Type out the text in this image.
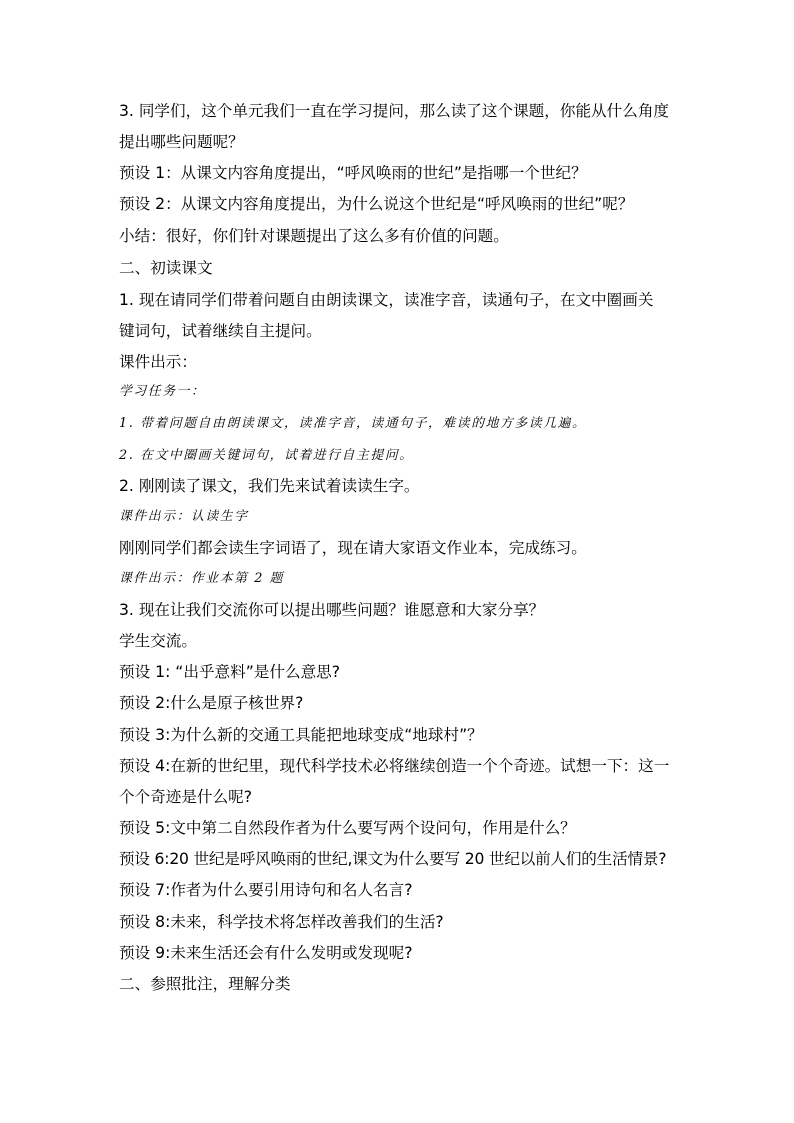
3. 同学们，这个单元我们一直在学习提问，那么读了这个课题，你能从什么角度
提出哪些问题呢？
预设 1：从课文内容角度提出，“呼风唤雨的世纪”是指哪一个世纪？
预设 2：从课文内容角度提出，为什么说这个世纪是“呼风唤雨的世纪”呢？
小结：很好，你们针对课题提出了这么多有价值的问题。
二、初读课文
1. 现在请同学们带着问题自由朗读课文，读准字音，读通句子，在文中圈画关
键词句，试着继续自主提问。
课件出示：
学习任务一：
1. 带着问题自由朗读课文，读准字音，读通句子，难读的地方多读几遍。
2. 在文中圈画关键词句，试着进行自主提问。
2. 刚刚读了课文，我们先来试着读读生字。
课件出示：认读生字
刚刚同学们都会读生字词语了，现在请大家语文作业本，完成练习。
课件出示：作业本第 2 题
3. 现在让我们交流你可以提出哪些问题？谁愿意和大家分享？
学生交流。
预设 1: “出乎意料”是什么意思?
预设 2:什么是原子核世界?
预设 3:为什么新的交通工具能把地球变成“地球村”？
预设 4:在新的世纪里，现代科学技术必将继续创造一个个奇迹。试想一下：这一
个个奇迹是什么呢?
预设 5:文中第二自然段作者为什么要写两个设问句，作用是什么？
预设 6:20 世纪是呼风唤雨的世纪,课文为什么要写 20 世纪以前人们的生活情景?
预设 7:作者为什么要引用诗句和名人名言?
预设 8:未来，科学技术将怎样改善我们的生活?
预设 9:未来生活还会有什么发明或发现呢?
二、参照批注，理解分类
